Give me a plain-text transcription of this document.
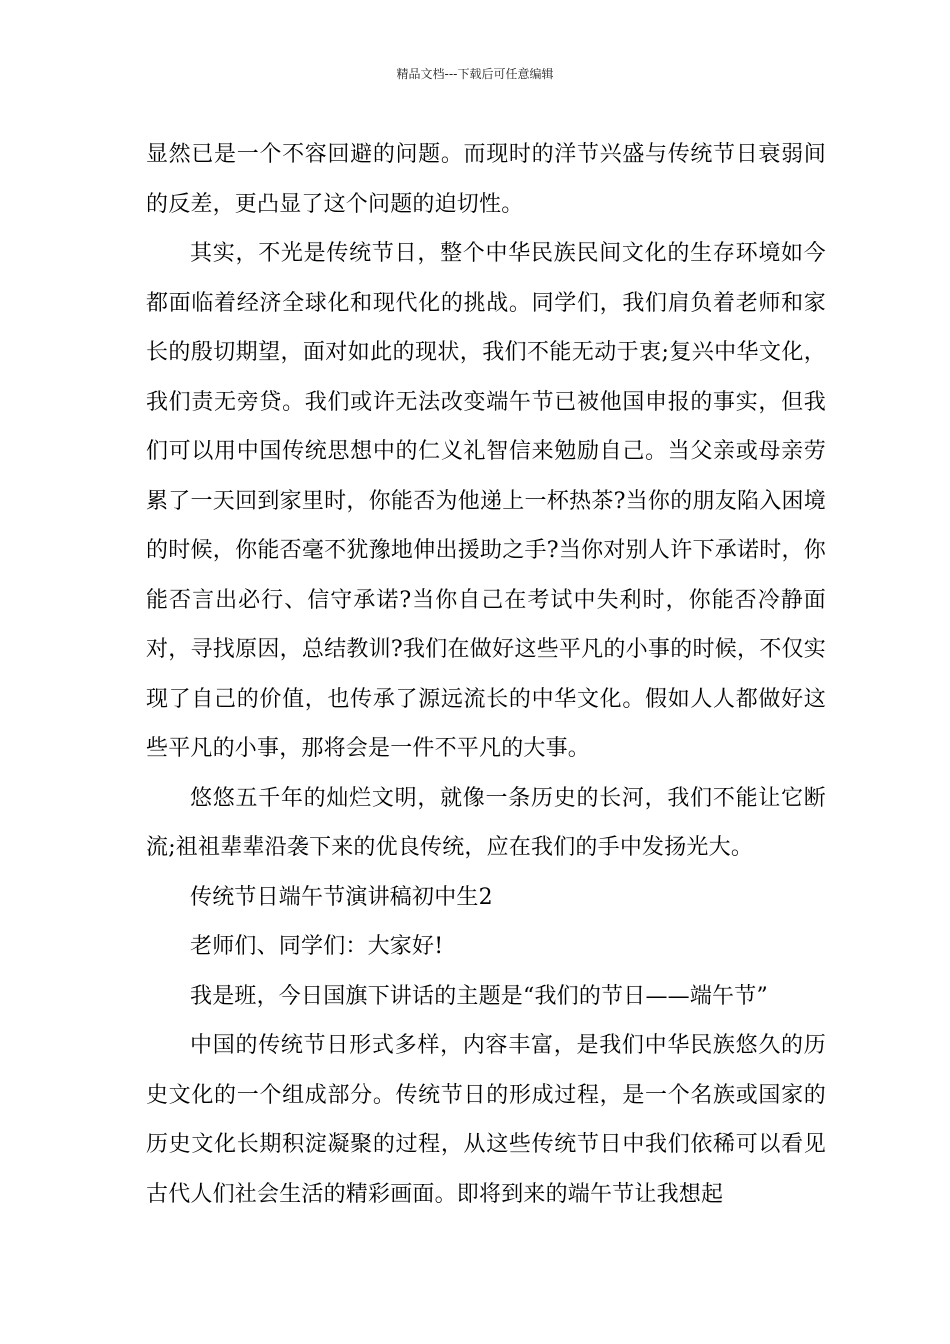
精品文档---下载后可任意编辑

显然已是一个不容回避的问题。而现时的洋节兴盛与传统节日衰弱间的反差，更凸显了这个问题的迫切性。

其实，不光是传统节日，整个中华民族民间文化的生存环境如今都面临着经济全球化和现代化的挑战。同学们，我们肩负着老师和家长的殷切期望，面对如此的现状，我们不能无动于衷;复兴中华文化，我们责无旁贷。我们或许无法改变端午节已被他国申报的事实，但我们可以用中国传统思想中的仁义礼智信来勉励自己。当父亲或母亲劳累了一天回到家里时，你能否为他递上一杯热茶?当你的朋友陷入困境的时候，你能否毫不犹豫地伸出援助之手?当你对别人许下承诺时，你能否言出必行、信守承诺?当你自己在考试中失利时，你能否冷静面对，寻找原因，总结教训?我们在做好这些平凡的小事的时候，不仅实现了自己的价值，也传承了源远流长的中华文化。假如人人都做好这些平凡的小事，那将会是一件不平凡的大事。

悠悠五千年的灿烂文明，就像一条历史的长河，我们不能让它断流;祖祖辈辈沿袭下来的优良传统，应在我们的手中发扬光大。

传统节日端午节演讲稿初中生2

老师们、同学们：大家好!

我是班，今日国旗下讲话的主题是“我们的节日——端午节”

中国的传统节日形式多样，内容丰富，是我们中华民族悠久的历史文化的一个组成部分。传统节日的形成过程，是一个名族或国家的历史文化长期积淀凝聚的过程，从这些传统节日中我们依稀可以看见古代人们社会生活的精彩画面。即将到来的端午节让我想起
